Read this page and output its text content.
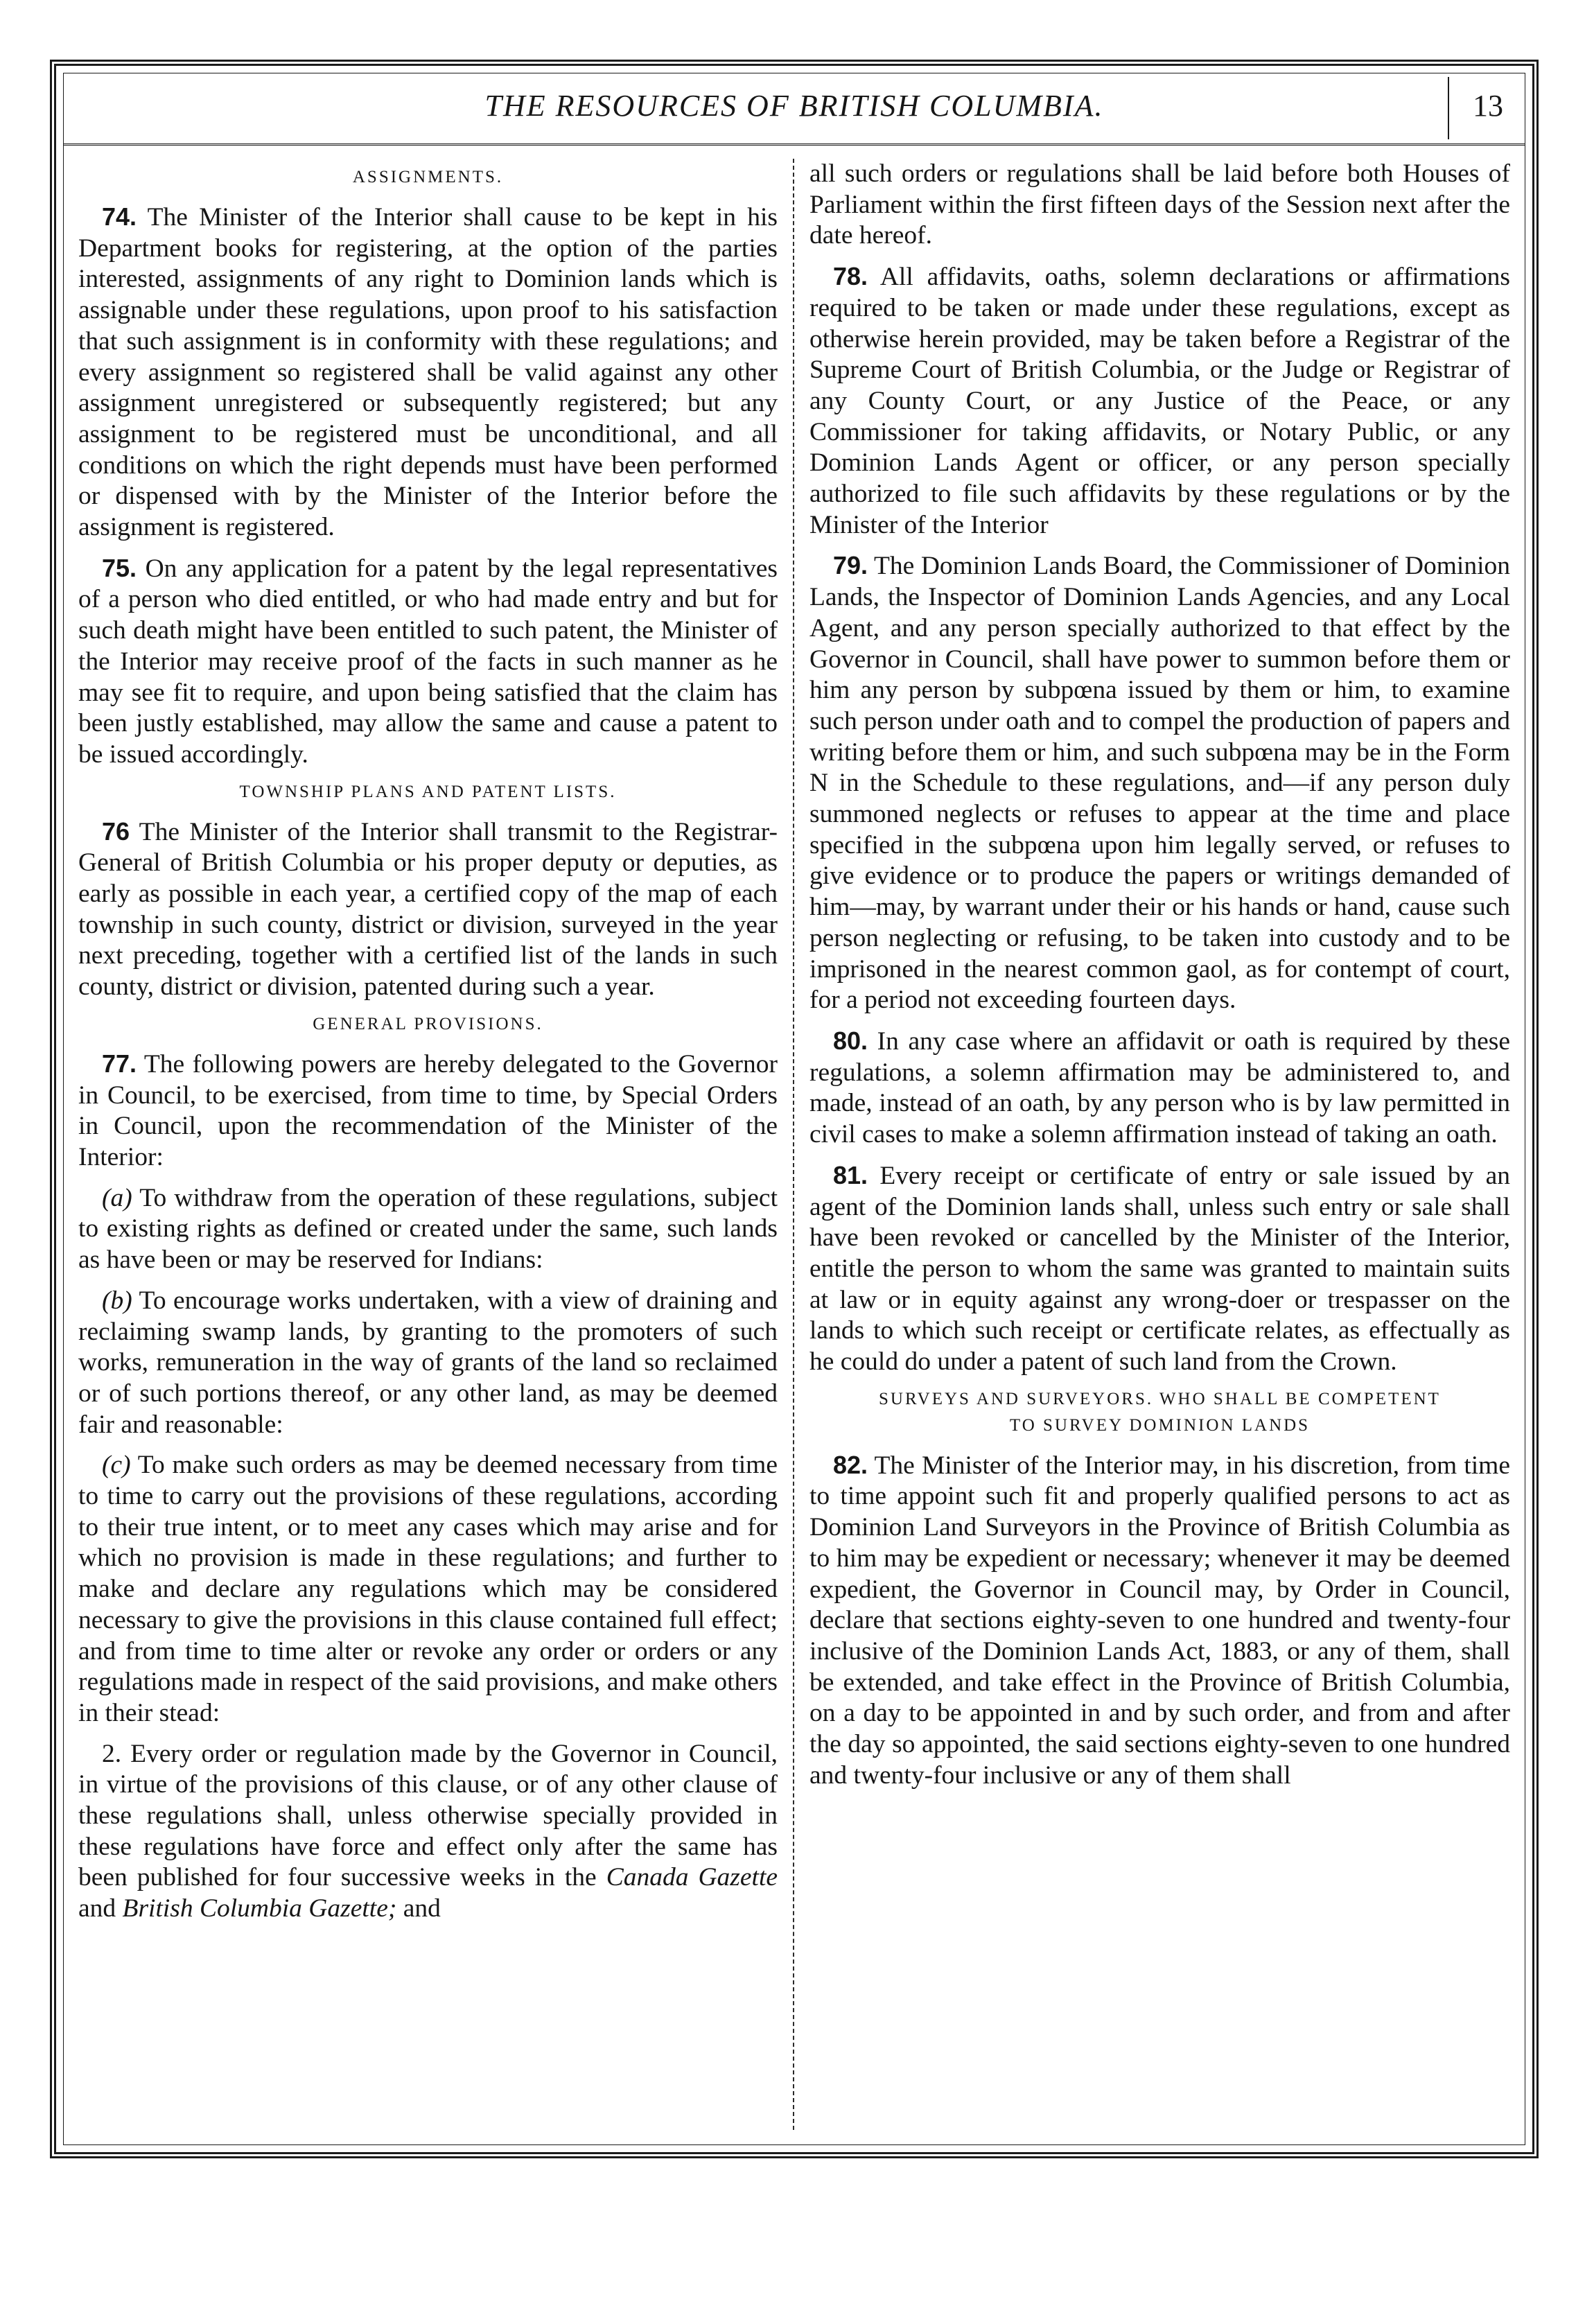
THE RESOURCES OF BRITISH COLUMBIA.	13
ASSIGNMENTS.

74. The Minister of the Interior shall cause to be kept in his Department books for registering, at the option of the parties interested, assignments of any right to Dominion lands which is assignable under these regulations, upon proof to his satisfaction that such assignment is in conformity with these regulations; and every assignment so registered shall be valid against any other assignment unregistered or subsequently registered; but any assignment to be registered must be unconditional, and all conditions on which the right depends must have been performed or dispensed with by the Minister of the Interior before the assignment is registered.

75. On any application for a patent by the legal representatives of a person who died entitled, or who had made entry and but for such death might have been entitled to such patent, the Minister of the Interior may receive proof of the facts in such manner as he may see fit to require, and upon being satisfied that the claim has been justly established, may allow the same and cause a patent to be issued accordingly.

TOWNSHIP PLANS AND PATENT LISTS.

76 The Minister of the Interior shall transmit to the Registrar-General of British Columbia or his proper deputy or deputies, as early as possible in each year, a certified copy of the map of each township in such county, district or division, surveyed in the year next preceding, together with a certified list of the lands in such county, district or division, patented during such a year.

GENERAL PROVISIONS.

77. The following powers are hereby delegated to the Governor in Council, to be exercised, from time to time, by Special Orders in Council, upon the recommendation of the Minister of the Interior:

(a) To withdraw from the operation of these regulations, subject to existing rights as defined or created under the same, such lands as have been or may be reserved for Indians:

(b) To encourage works undertaken, with a view of draining and reclaiming swamp lands, by granting to the promoters of such works, remuneration in the way of grants of the land so reclaimed or of such portions thereof, or any other land, as may be deemed fair and reasonable:

(c) To make such orders as may be deemed necessary from time to time to carry out the provisions of these regulations, according to their true intent, or to meet any cases which may arise and for which no provision is made in these regulations; and further to make and declare any regulations which may be considered necessary to give the provisions in this clause contained full effect; and from time to time alter or revoke any order or orders or any regulations made in respect of the said provisions, and make others in their stead:

2. Every order or regulation made by the Governor in Council, in virtue of the provisions of this clause, or of any other clause of these regulations shall, unless otherwise specially provided in these regulations have force and effect only after the same has been published for four successive weeks in the Canada Gazette and British Columbia Gazette; and

all such orders or regulations shall be laid before both Houses of Parliament within the first fifteen days of the Session next after the date hereof.

78. All affidavits, oaths, solemn declarations or affirmations required to be taken or made under these regulations, except as otherwise herein provided, may be taken before a Registrar of the Supreme Court of British Columbia, or the Judge or Registrar of any County Court, or any Justice of the Peace, or any Commissioner for taking affidavits, or Notary Public, or any Dominion Lands Agent or officer, or any person specially authorized to file such affidavits by these regulations or by the Minister of the Interior

79. The Dominion Lands Board, the Commissioner of Dominion Lands, the Inspector of Dominion Lands Agencies, and any Local Agent, and any person specially authorized to that effect by the Governor in Council, shall have power to summon before them or him any person by subpœna issued by them or him, to examine such person under oath and to compel the production of papers and writing before them or him, and such subpœna may be in the Form N in the Schedule to these regulations, and—if any person duly summoned neglects or refuses to appear at the time and place specified in the subpœna upon him legally served, or refuses to give evidence or to produce the papers or writings demanded of him—may, by warrant under their or his hands or hand, cause such person neglecting or refusing, to be taken into custody and to be imprisoned in the nearest common gaol, as for contempt of court, for a period not exceeding fourteen days.

80. In any case where an affidavit or oath is required by these regulations, a solemn affirmation may be administered to, and made, instead of an oath, by any person who is by law permitted in civil cases to make a solemn affirmation instead of taking an oath.

81. Every receipt or certificate of entry or sale issued by an agent of the Dominion lands shall, unless such entry or sale shall have been revoked or cancelled by the Minister of the Interior, entitle the person to whom the same was granted to maintain suits at law or in equity against any wrong-doer or trespasser on the lands to which such receipt or certificate relates, as effectually as he could do under a patent of such land from the Crown.

SURVEYS AND SURVEYORS. WHO SHALL BE COMPETENT
TO SURVEY DOMINION LANDS

82. The Minister of the Interior may, in his discretion, from time to time appoint such fit and properly qualified persons to act as Dominion Land Surveyors in the Province of British Columbia as to him may be expedient or necessary; whenever it may be deemed expedient, the Governor in Council may, by Order in Council, declare that sections eighty-seven to one hundred and twenty-four inclusive of the Dominion Lands Act, 1883, or any of them, shall be extended, and take effect in the Province of British Columbia, on a day to be appointed in and by such order, and from and after the day so appointed, the said sections eighty-seven to one hundred and twenty-four inclusive or any of them shall
